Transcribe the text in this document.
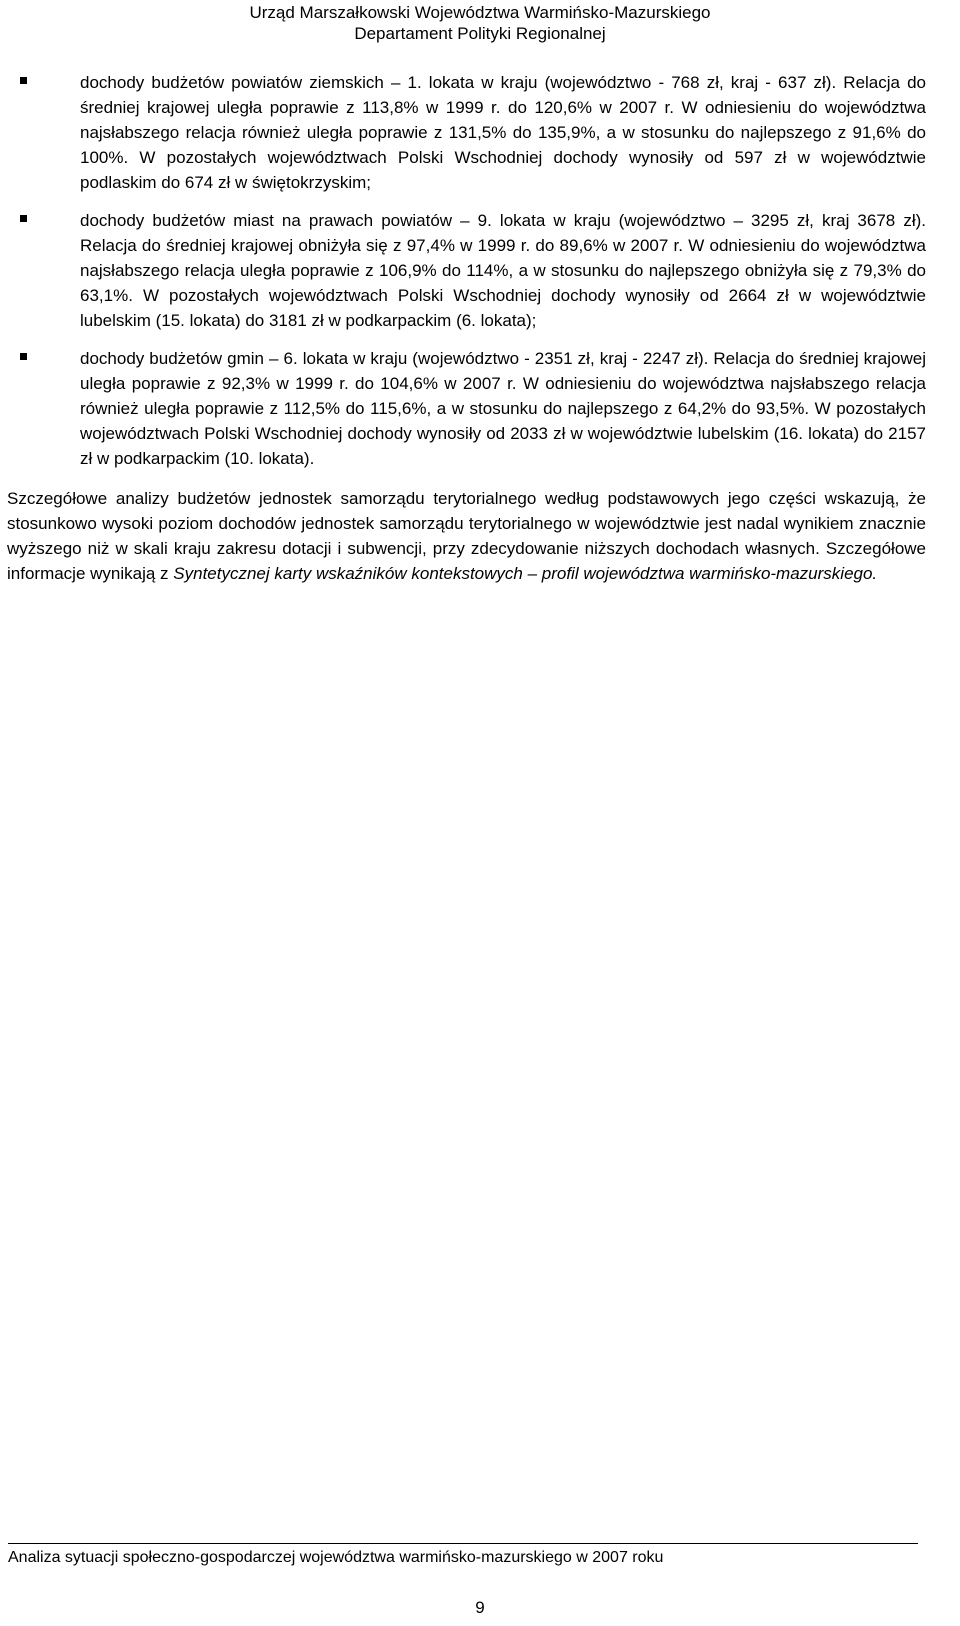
Urząd Marszałkowski Województwa Warmińsko-Mazurskiego
Departament Polityki Regionalnej
dochody budżetów powiatów ziemskich – 1. lokata w kraju (województwo - 768 zł, kraj - 637 zł). Relacja do średniej krajowej uległa poprawie z 113,8% w 1999 r. do 120,6% w 2007 r. W odniesieniu do województwa najsłabszego relacja również uległa poprawie z 131,5% do 135,9%, a w stosunku do najlepszego z 91,6% do 100%. W pozostałych województwach Polski Wschodniej dochody wynosiły od 597 zł w województwie podlaskim do 674 zł w świętokrzyskim;
dochody budżetów miast na prawach powiatów – 9. lokata w kraju (województwo – 3295 zł, kraj 3678 zł). Relacja do średniej krajowej obniżyła się z 97,4% w 1999 r. do 89,6% w 2007 r. W odniesieniu do województwa najsłabszego relacja uległa poprawie z 106,9% do 114%, a w stosunku do najlepszego obniżyła się z 79,3% do 63,1%. W pozostałych województwach Polski Wschodniej dochody wynosiły od 2664 zł w województwie lubelskim (15. lokata) do 3181 zł w podkarpackim (6. lokata);
dochody budżetów gmin – 6. lokata w kraju (województwo - 2351 zł, kraj - 2247 zł). Relacja do średniej krajowej uległa poprawie z 92,3% w 1999 r. do 104,6% w 2007 r. W odniesieniu do województwa najsłabszego relacja również uległa poprawie z 112,5% do 115,6%, a w stosunku do najlepszego z 64,2% do 93,5%. W pozostałych województwach Polski Wschodniej dochody wynosiły od 2033 zł w województwie lubelskim (16. lokata) do 2157 zł w podkarpackim (10. lokata).

Szczegółowe analizy budżetów jednostek samorządu terytorialnego według podstawowych jego części wskazują, że stosunkowo wysoki poziom dochodów jednostek samorządu terytorialnego w województwie jest nadal wynikiem znacznie wyższego niż w skali kraju zakresu dotacji i subwencji, przy zdecydowanie niższych dochodach własnych. Szczegółowe informacje wynikają z Syntetycznej karty wskaźników kontekstowych – profil województwa warmińsko-mazurskiego.

Analiza sytuacji społeczno-gospodarczej województwa warmińsko-mazurskiego w 2007 roku
9
